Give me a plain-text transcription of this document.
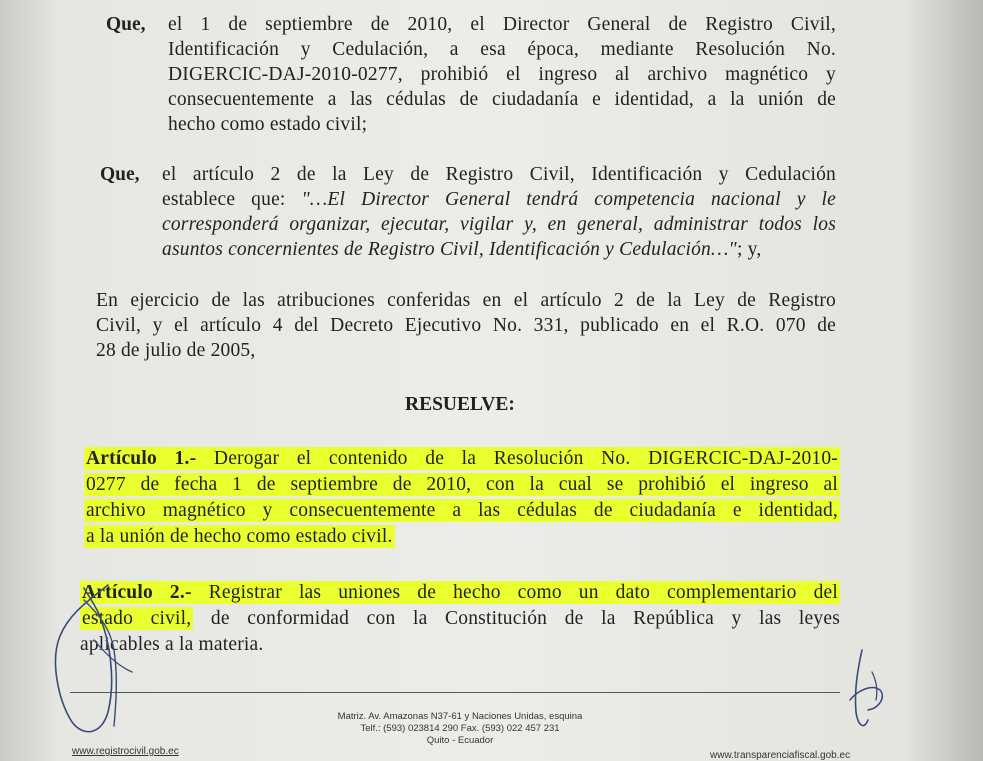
Que, el 1 de septiembre de 2010, el Director General de Registro Civil,
Identificación y Cedulación, a esa época, mediante Resolución No.
DIGERCIC-DAJ-2010-0277, prohibió el ingreso al archivo magnético y
consecuentemente a las cédulas de ciudadanía e identidad, a la unión de
hecho como estado civil;
Que, el artículo 2 de la Ley de Registro Civil, Identificación y Cedulación
establece que: "…El Director General tendrá competencia nacional y le
corresponderá organizar, ejecutar, vigilar y, en general, administrar todos los
asuntos concernientes de Registro Civil, Identificación y Cedulación…"; y,
En ejercicio de las atribuciones conferidas en el artículo 2 de la Ley de Registro
Civil, y el artículo 4 del Decreto Ejecutivo No. 331, publicado en el R.O. 070 de
28 de julio de 2005,
RESUELVE:
Artículo 1.- Derogar el contenido de la Resolución No. DIGERCIC-DAJ-2010-
0277 de fecha 1 de septiembre de 2010, con la cual se prohibió el ingreso al
archivo magnético y consecuentemente a las cédulas de ciudadanía e identidad,
a la unión de hecho como estado civil.
Artículo 2.- Registrar las uniones de hecho como un dato complementario del
estado civil, de conformidad con la Constitución de la República y las leyes
aplicables a la materia.
Matriz. Av. Amazonas N37-61 y Naciones Unidas, esquina
Telf.: (593) 023814 290 Fax. (593) 022 457 231
Quito - Ecuador
www.registrocivil.gob.ec	www.transparenciafiscal.gob.ec
